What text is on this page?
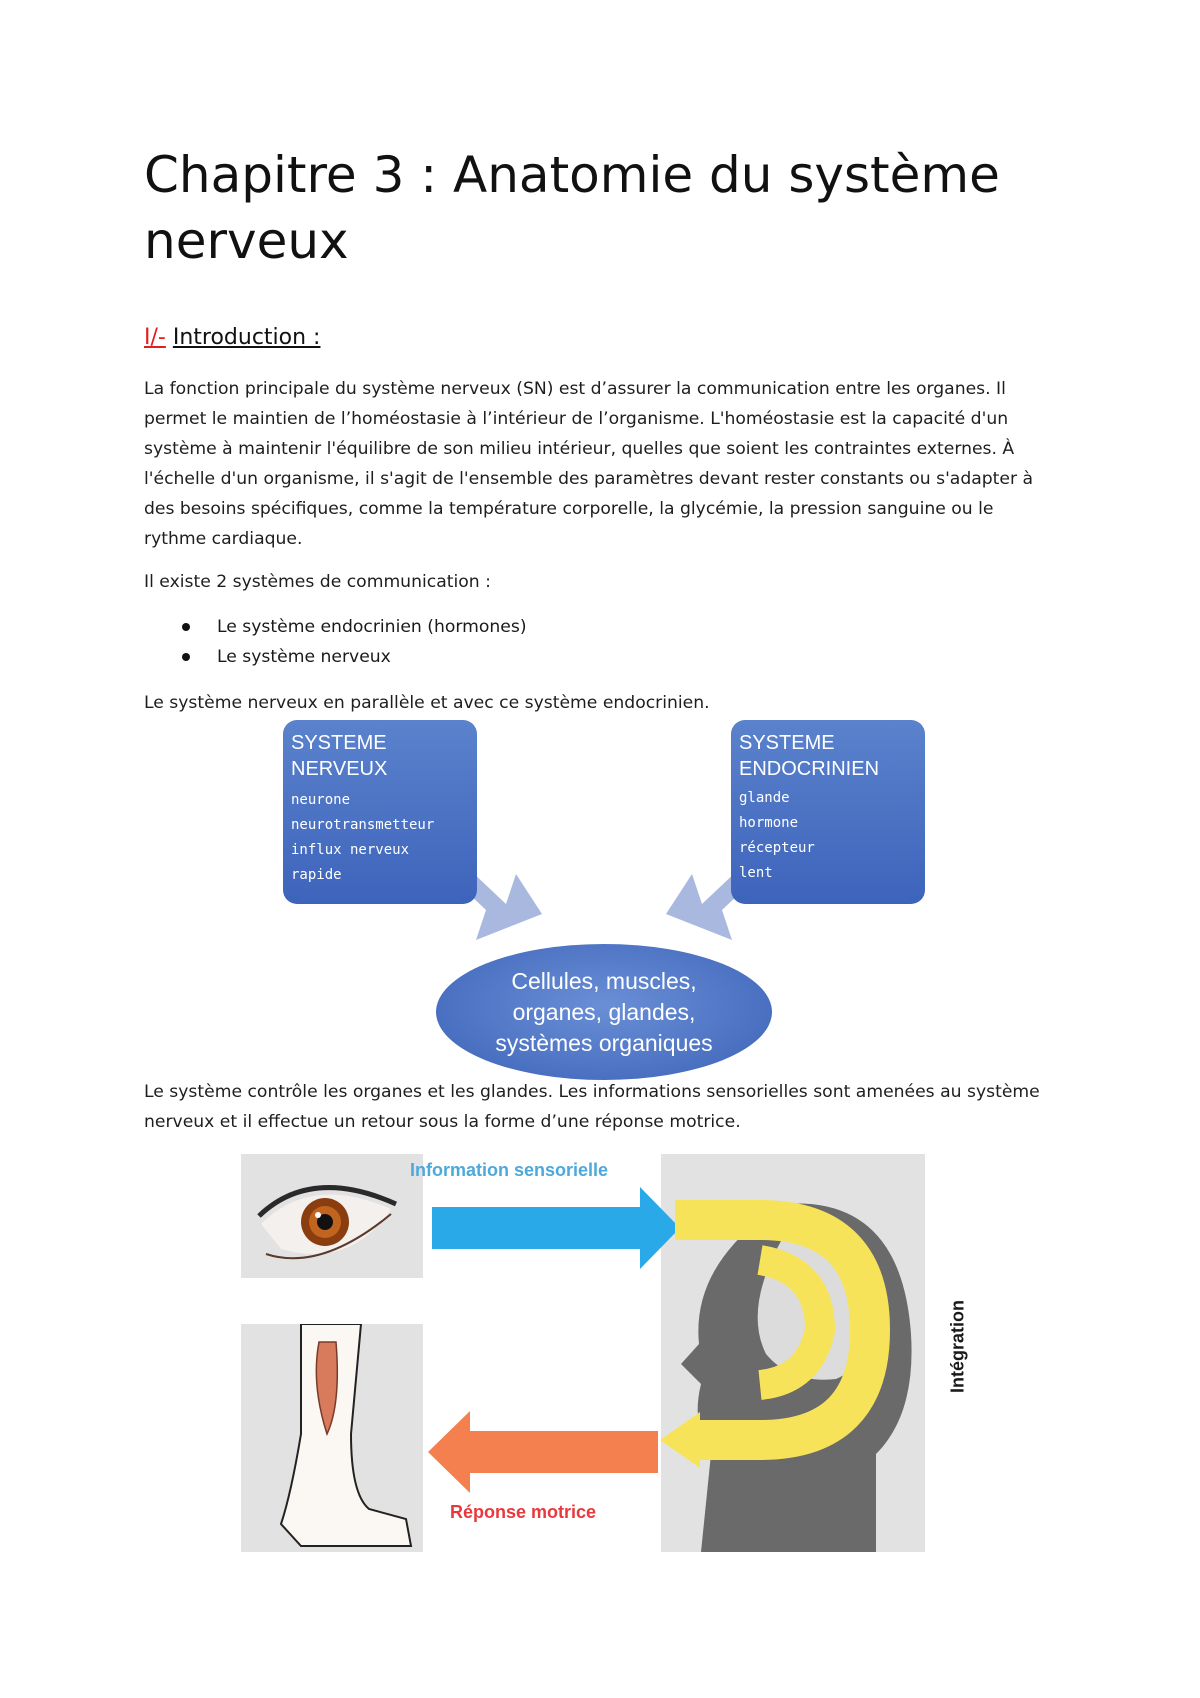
Chapitre 3 : Anatomie du système nerveux
I/- Introduction :

La fonction principale du système nerveux (SN) est d’assurer la communication entre les organes. Il permet le maintien de l’homéostasie à l’intérieur de l’organisme. L'homéostasie est la capacité d'un système à maintenir l'équilibre de son milieu intérieur, quelles que soient les contraintes externes. À l'échelle d'un organisme, il s'agit de l'ensemble des paramètres devant rester constants ou s'adapter à des besoins spécifiques, comme la température corporelle, la glycémie, la pression sanguine ou le rythme cardiaque.

Il existe 2 systèmes de communication :

Le système endocrinien (hormones)
Le système nerveux

Le système nerveux en parallèle et avec ce système endocrinien.

SYSTEME NERVEUX
neurone
neurotransmetteur
influx nerveux
rapide
SYSTEME
ENDOCRINIEN
glande
hormone
récepteur
lent
Cellules, muscles,
organes, glandes,
systèmes organiques

Le système contrôle les organes et les glandes. Les informations sensorielles sont amenées au système nerveux et il effectue un retour sous la forme d’une réponse motrice.

Information sensorielle
Réponse motrice
Intégration
